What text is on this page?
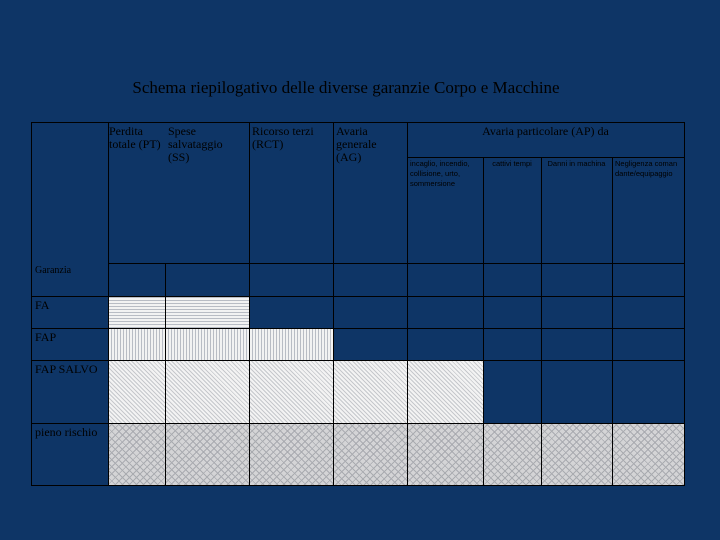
Schema riepilogativo delle diverse garanzie Corpo e Macchine
Perdita totale (PT)
Spese salvataggio (SS)
Ricorso terzi (RCT)
Avaria generale (AG)
Avaria particolare (AP) da
incaglio, incendio, collisione, urto, sommersione
cattivi tempi	Danni in machina	Negligenza comandante/equipaggio
Garanzia
FA
FAP
FAP SALVO
pieno rischio
